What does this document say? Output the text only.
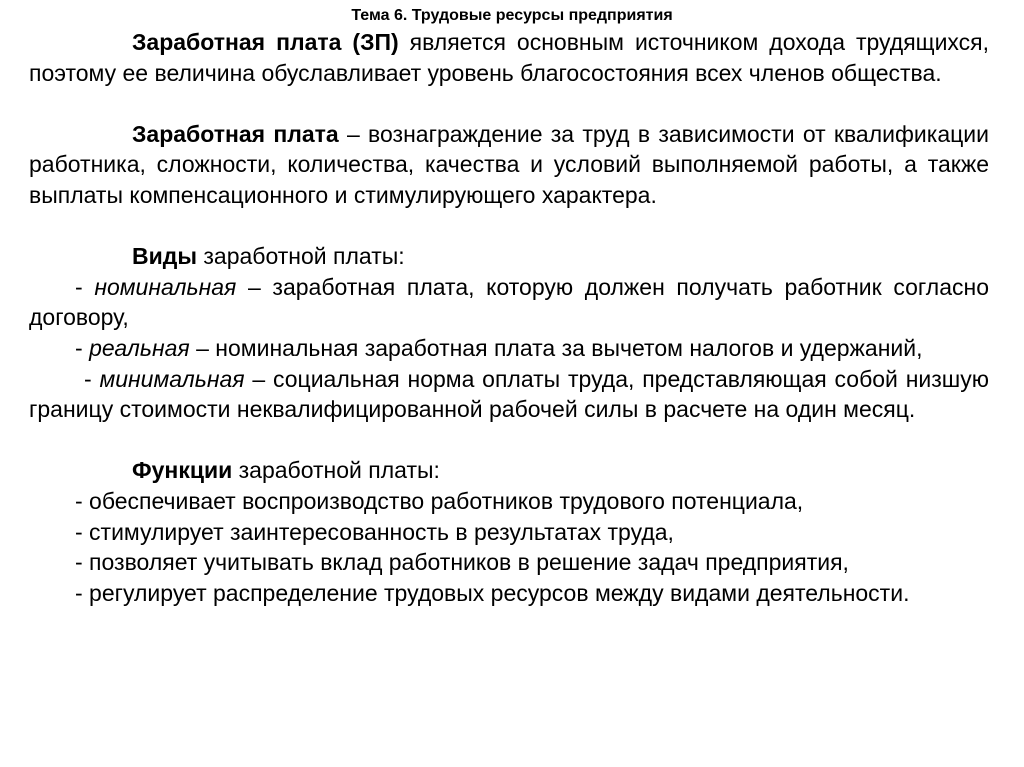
Тема 6. Трудовые ресурсы предприятия

Заработная плата (ЗП) является основным источником дохода трудящихся, поэтому ее величина обуславливает уровень благосостояния всех членов общества.

Заработная плата – вознаграждение за труд в зависимости от квалификации работника, сложности, количества, качества и условий выполняемой работы, а также выплаты компенсационного и стимулирующего характера.

Виды заработной платы:

- номинальная – заработная плата, которую должен получать работник согласно договору,

- реальная – номинальная заработная плата за вычетом налогов и удержаний,

- минимальная – социальная норма оплаты труда, представляющая собой низшую границу стоимости неквалифицированной рабочей силы в расчете на один месяц.

Функции заработной платы:

- обеспечивает воспроизводство работников трудового потенциала,

- стимулирует заинтересованность в результатах труда,

- позволяет учитывать вклад работников в решение задач предприятия,

- регулирует распределение трудовых ресурсов между видами деятельности.
